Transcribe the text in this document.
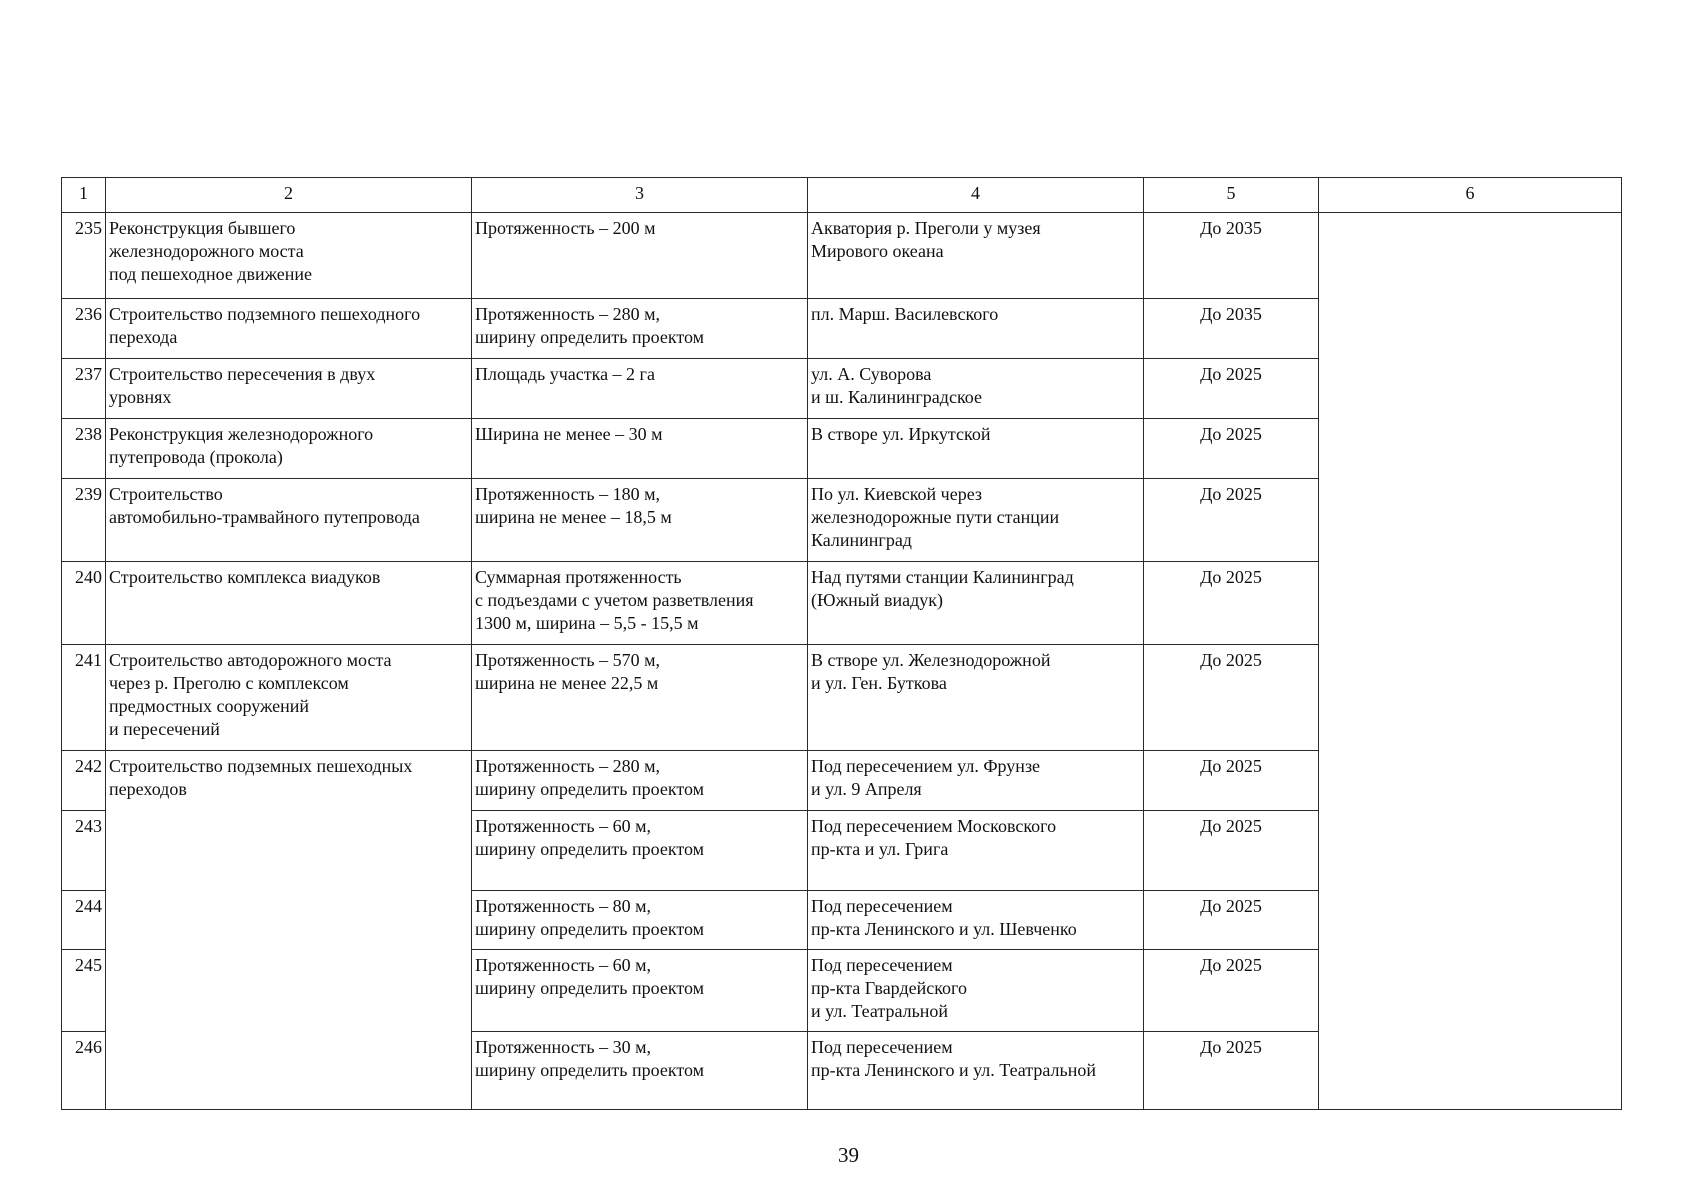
1	2	3	4	5	6
235	Реконструкция бывшего
железнодорожного моста
под пешеходное движение	Протяженность – 200 м	Акватория р. Преголи у музея
Мирового океана	До 2035	
236	Строительство подземного пешеходного
перехода	Протяженность – 280 м,
ширину определить проектом	пл. Марш. Василевского	До 2035	
237	Строительство пересечения в двух
уровнях	Площадь участка – 2 га	ул. А. Суворова
и ш. Калининградское	До 2025	
238	Реконструкция железнодорожного
путепровода (прокола)	Ширина не менее – 30 м	В створе ул. Иркутской	До 2025	
239	Строительство
автомобильно-трамвайного путепровода	Протяженность – 180 м,
ширина не менее – 18,5 м	По ул. Киевской через
железнодорожные пути станции
Калининград	До 2025	
240	Строительство комплекса виадуков	Суммарная протяженность
с подъездами с учетом разветвления
1300 м, ширина – 5,5 - 15,5 м	Над путями станции Калининград
(Южный виадук)	До 2025	
241	Строительство автодорожного моста
через р. Преголю с комплексом
предмостных сооружений
и пересечений	Протяженность – 570 м,
ширина не менее 22,5 м	В створе ул. Железнодорожной
и ул. Ген. Буткова	До 2025	
242	Строительство подземных пешеходных
переходов	Протяженность – 280 м,
ширину определить проектом	Под пересечением ул. Фрунзе
и ул. 9 Апреля	До 2025	
243		Протяженность – 60 м,
ширину определить проектом	Под пересечением Московского
пр-кта и ул. Грига	До 2025	
244		Протяженность – 80 м,
ширину определить проектом	Под пересечением
пр-кта Ленинского и ул. Шевченко	До 2025	
245		Протяженность – 60 м,
ширину определить проектом	Под пересечением
пр-кта Гвардейского
и ул. Театральной	До 2025	
246		Протяженность – 30 м,
ширину определить проектом	Под пересечением
пр-кта Ленинского и ул. Театральной	До 2025	
39
